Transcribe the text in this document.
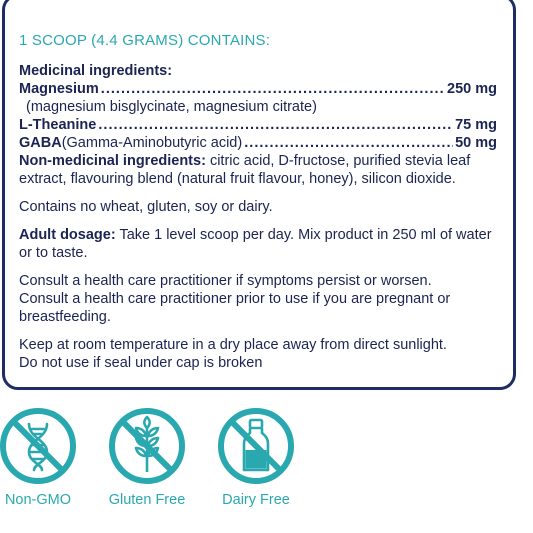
1 SCOOP (4.4 GRAMS) CONTAINS:

Medicinal ingredients:

Magnesium . . .	250 mg

(magnesium bisglycinate, magnesium citrate)

L-Theanine . . .	75 mg
GABA (Gamma-Aminobutyric acid) . . .	50 mg

Non-medicinal ingredients: citric acid, D-fructose, purified stevia leaf extract, flavouring blend (natural fruit flavour, honey), silicon dioxide.

Contains no wheat, gluten, soy or dairy.

Adult dosage: Take 1 level scoop per day. Mix product in 250 ml of water or to taste.

Consult a health care practitioner if symptoms persist or worsen.

Consult a health care practitioner prior to use if you are pregnant or breastfeeding.

Keep at room temperature in a dry place away from direct sunlight.

Do not use if seal under cap is broken

Non-GMO	Gluten Free	Dairy Free
